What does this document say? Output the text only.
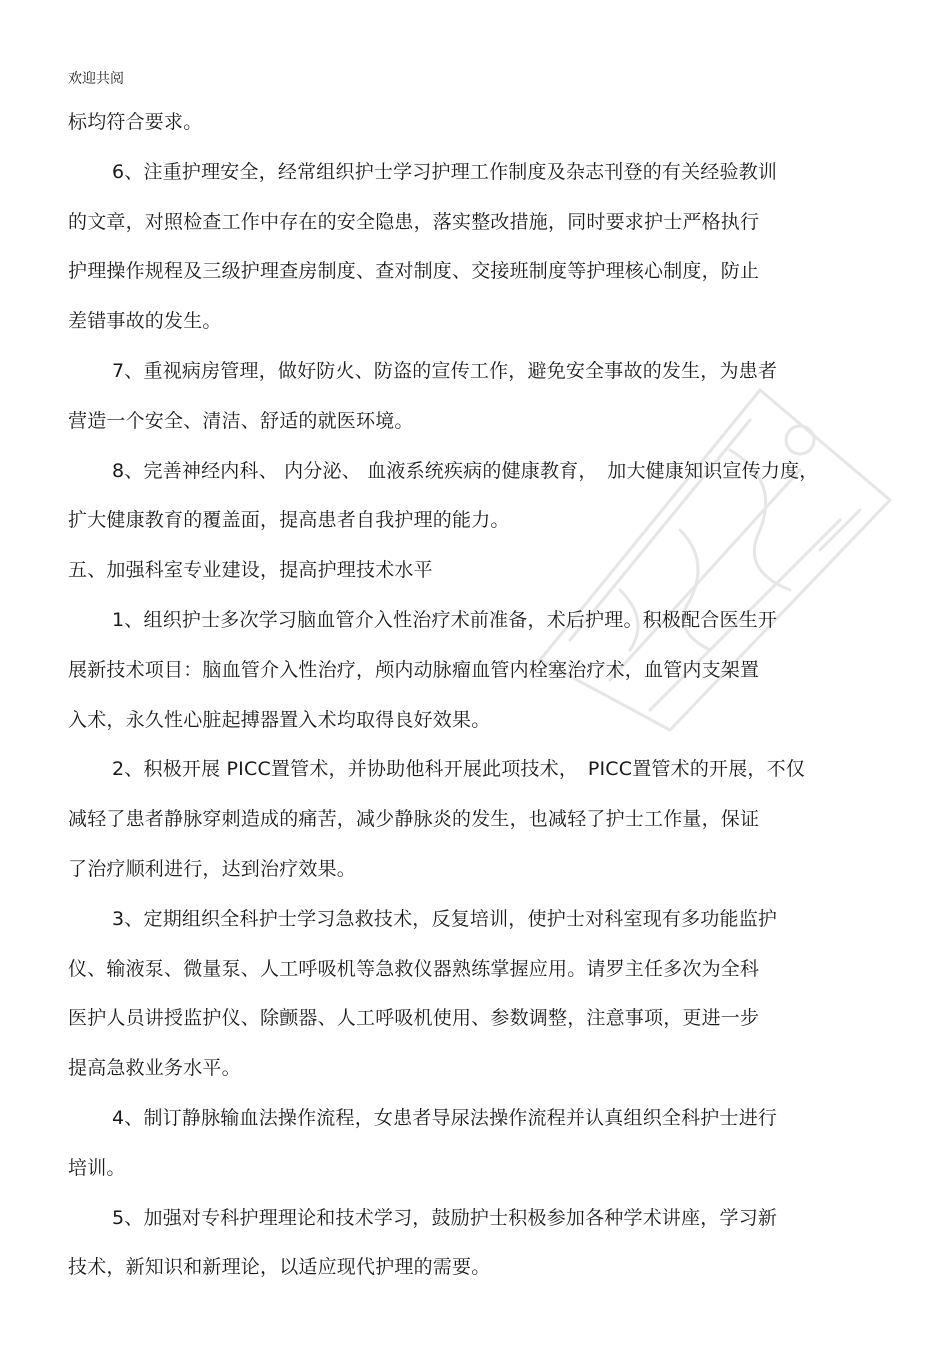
欢迎共阅
标均符合要求。
6、注重护理安全，经常组织护士学习护理工作制度及杂志刊登的有关经验教训
的文章，对照检查工作中存在的安全隐患，落实整改措施，同时要求护士严格执行
护理操作规程及三级护理查房制度、查对制度、交接班制度等护理核心制度，防止
差错事故的发生。
7、重视病房管理，做好防火、防盗的宣传工作，避免安全事故的发生，为患者
营造一个安全、清洁、舒适的就医环境。
8、完善神经内科、 内分泌、 血液系统疾病的健康教育，　加大健康知识宣传力度，
扩大健康教育的覆盖面，提高患者自我护理的能力。
五、加强科室专业建设，提高护理技术水平
1、组织护士多次学习脑血管介入性治疗术前准备，术后护理。积极配合医生开
展新技术项目：脑血管介入性治疗，颅内动脉瘤血管内栓塞治疗术，血管内支架置
入术，永久性心脏起搏器置入术均取得良好效果。
2、积极开展 PICC置管术，并协助他科开展此项技术，　PICC置管术的开展，不仅
减轻了患者静脉穿刺造成的痛苦，减少静脉炎的发生，也减轻了护士工作量，保证
了治疗顺利进行，达到治疗效果。
3、定期组织全科护士学习急救技术，反复培训，使护士对科室现有多功能监护
仪、输液泵、微量泵、人工呼吸机等急救仪器熟练掌握应用。请罗主任多次为全科
医护人员讲授监护仪、除颤器、人工呼吸机使用、参数调整，注意事项，更进一步
提高急救业务水平。
4、制订静脉输血法操作流程，女患者导尿法操作流程并认真组织全科护士进行
培训。
5、加强对专科护理理论和技术学习，鼓励护士积极参加各种学术讲座，学习新
技术，新知识和新理论，以适应现代护理的需要。
